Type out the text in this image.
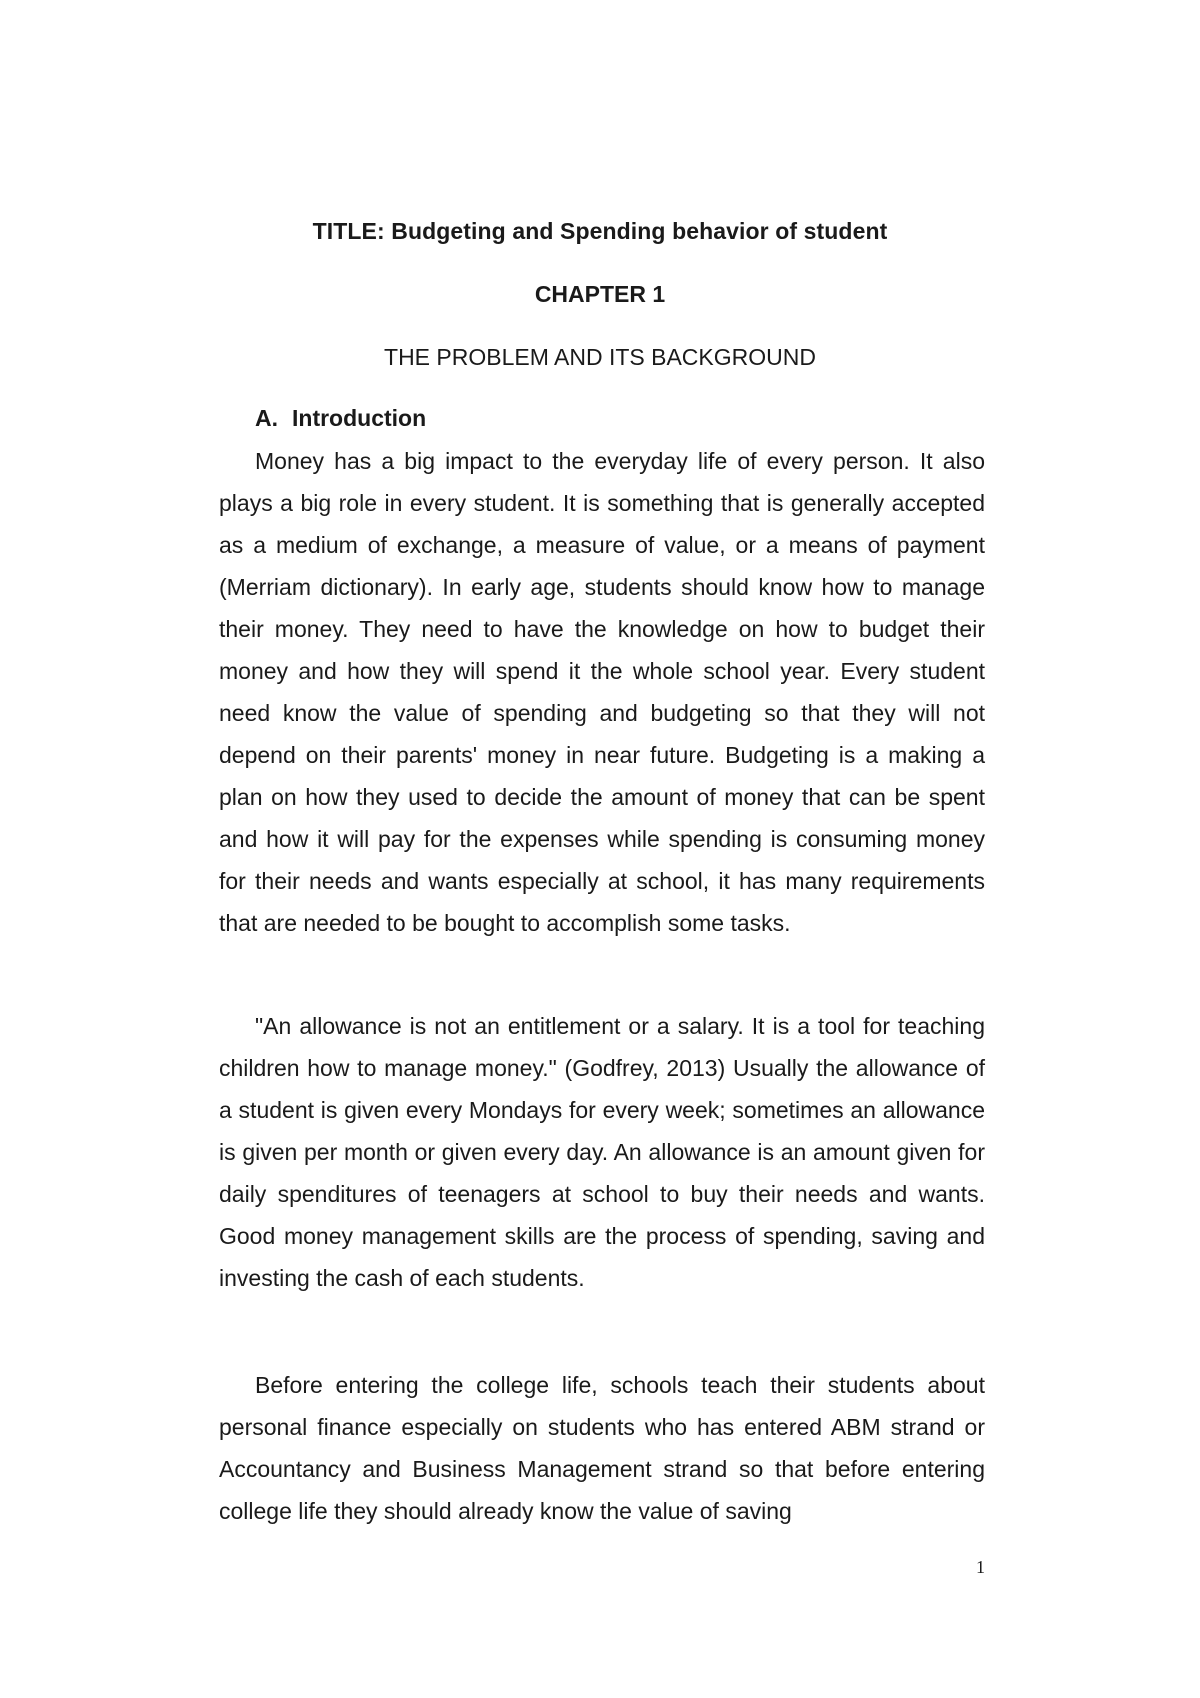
TITLE: Budgeting and Spending behavior of student
CHAPTER 1
THE PROBLEM AND ITS BACKGROUND
A. Introduction

Money has a big impact to the everyday life of every person. It also plays a big role in every student. It is something that is generally accepted as a medium of exchange, a measure of value, or a means of payment (Merriam dictionary). In early age, students should know how to manage their money. They need to have the knowledge on how to budget their money and how they will spend it the whole school year. Every student need know the value of spending and budgeting so that they will not depend on their parents' money in near future. Budgeting is a making a plan on how they used to decide the amount of money that can be spent and how it will pay for the expenses while spending is consuming money for their needs and wants especially at school, it has many requirements that are needed to be bought to accomplish some tasks.

"An allowance is not an entitlement or a salary. It is a tool for teaching children how to manage money." (Godfrey, 2013) Usually the allowance of a student is given every Mondays for every week; sometimes an allowance is given per month or given every day. An allowance is an amount given for daily spenditures of teenagers at school to buy their needs and wants. Good money management skills are the process of spending, saving and investing the cash of each students.

Before entering the college life, schools teach their students about personal finance especially on students who has entered ABM strand or Accountancy and Business Management strand so that before entering college life they should already know the value of saving

1
